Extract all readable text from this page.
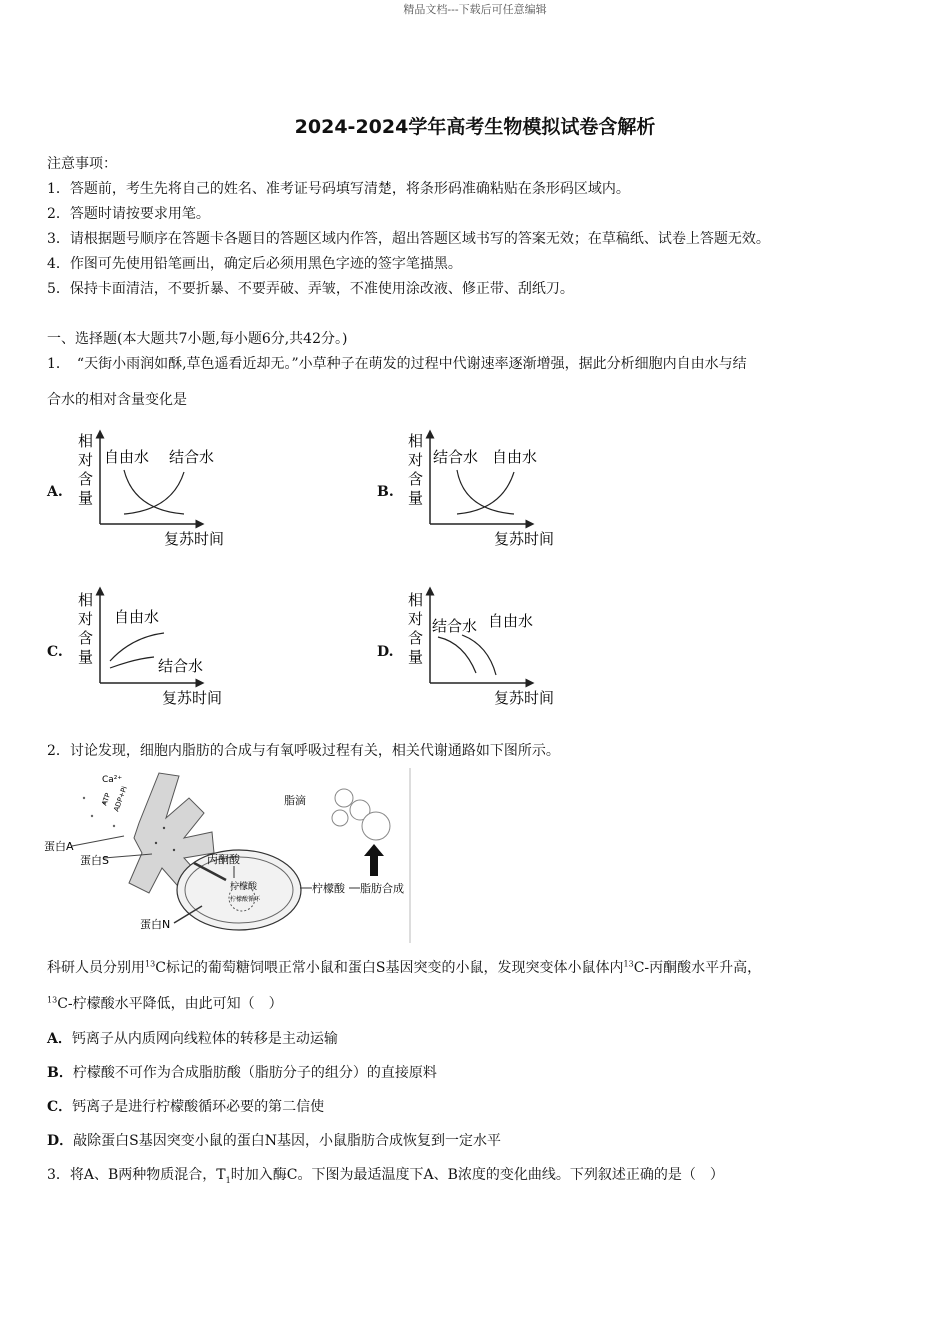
精品文档---下载后可任意编辑
2024-2024学年高考生物模拟试卷含解析
注意事项：
1．答题前，考生先将自己的姓名、准考证号码填写清楚，将条形码准确粘贴在条形码区域内。
2．答题时请按要求用笔。
3．请根据题号顺序在答题卡各题目的答题区域内作答，超出答题区域书写的答案无效；在草稿纸、试卷上答题无效。
4．作图可先使用铅笔画出，确定后必须用黑色字迹的签字笔描黑。
5．保持卡面清洁，不要折暴、不要弄破、弄皱，不准使用涂改液、修正带、刮纸刀。
一、选择题(本大题共7小题,每小题6分,共42分。)
1．　“天街小雨润如酥,草色遥看近却无。”小草种子在萌发的过程中代谢速率逐渐增强，据此分析细胞内自由水与结
合水的相对含量变化是
A.
相
对
含
量
自由水 结合水
复苏时间
B.
相
对
含
量
结合水 自由水
复苏时间
C.
相
对
含
量
自由水
结合水
复苏时间
D.
相
对
含
量
结合水 自由水
复苏时间
2．讨论发现，细胞内脂肪的合成与有氧呼吸过程有关，相关代谢通路如下图所示。
Ca²⁺
ATP ADP+Pi
蛋白A
蛋白S	丙酮酸
柠檬酸
柠檬酸循环
蛋白N
柠檬酸 脂肪合成
脂滴
科研人员分别用$^{13}$C标记的葡萄糖饲喂正常小鼠和蛋白S基因突变的小鼠，发现突变体小鼠体内$^{13}$C-丙酮酸水平升高，
$^{13}$C-柠檬酸水平降低，由此可知（　）
A．钙离子从内质网向线粒体的转移是主动运输
B．柠檬酸不可作为合成脂肪酸（脂肪分子的组分）的直接原料
C．钙离子是进行柠檬酸循环必要的第二信使
D．敲除蛋白S基因突变小鼠的蛋白N基因，小鼠脂肪合成恢复到一定水平
3．将A、B两种物质混合，$T_1$时加入酶C。下图为最适温度下A、B浓度的变化曲线。下列叙述正确的是（　）
